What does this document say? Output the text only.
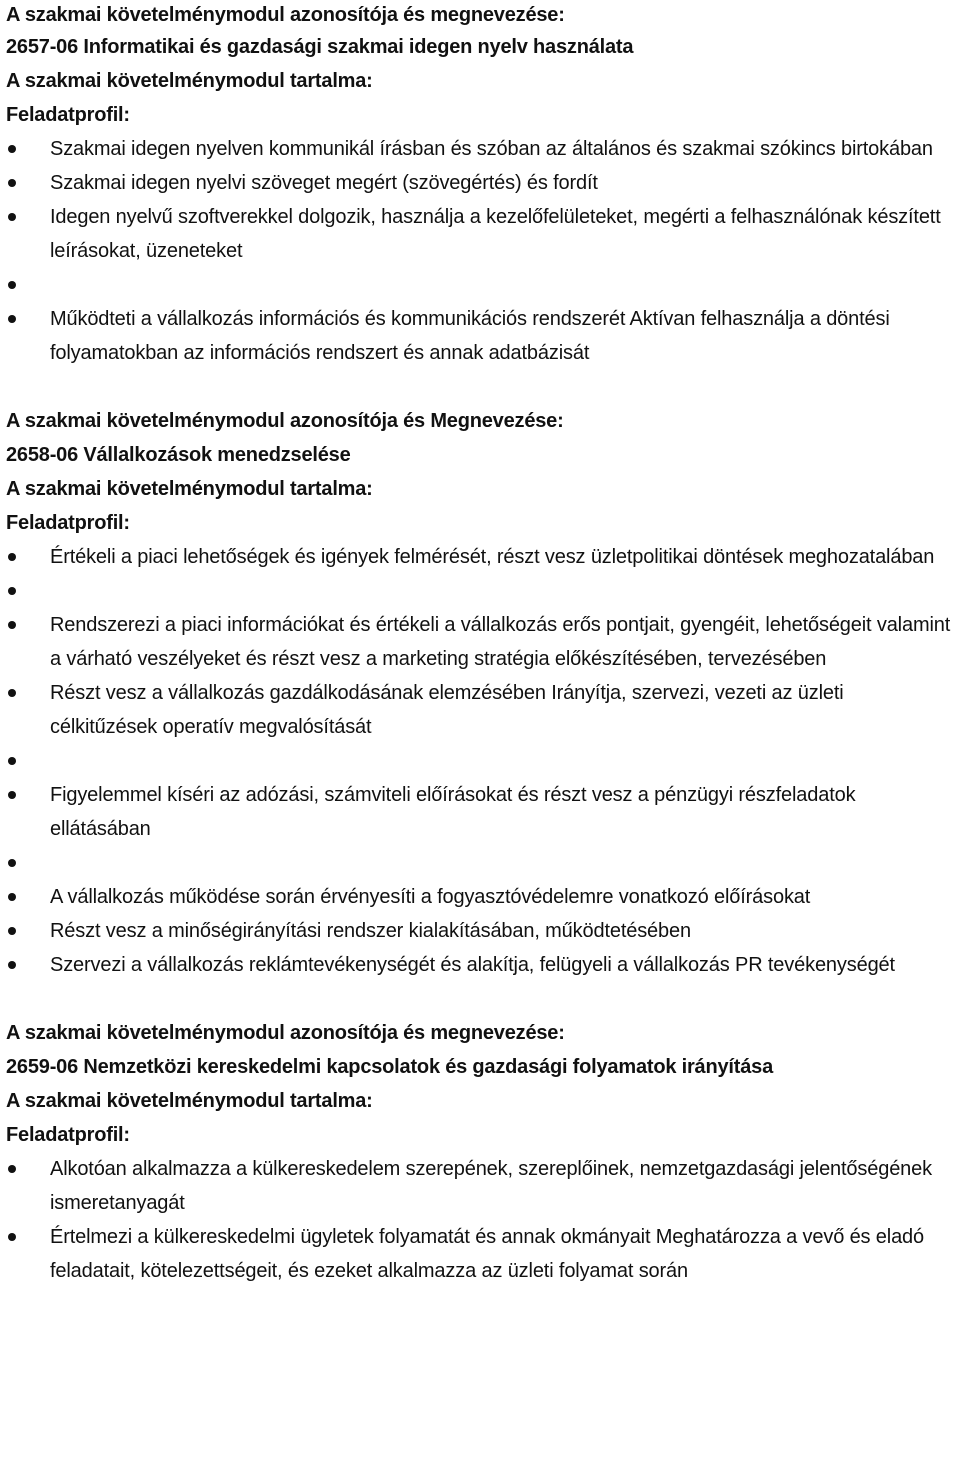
A szakmai követelménymodul azonosítója és megnevezése:

2657-06 Informatikai és gazdasági szakmai idegen nyelv használata

A szakmai követelménymodul tartalma:

Feladatprofil:

Szakmai idegen nyelven kommunikál írásban és szóban az általános és szakmai szókincs birtokában
Szakmai idegen nyelvi szöveget megért (szövegértés) és fordít
Idegen nyelvű szoftverekkel dolgozik, használja a kezelőfelületeket, megérti a felhasználónak készített leírásokat, üzeneteket
Működteti a vállalkozás információs és kommunikációs rendszerét Aktívan felhasználja a döntési folyamatokban az információs rendszert és annak adatbázisát

A szakmai követelménymodul azonosítója és Megnevezése:

2658-06 Vállalkozások menedzselése

A szakmai követelménymodul tartalma:

Feladatprofil:

Értékeli a piaci lehetőségek és igények felmérését, részt vesz üzletpolitikai döntések meghozatalában
Rendszerezi a piaci információkat és értékeli a vállalkozás erős pontjait, gyengéit, lehetőségeit valamint a várható veszélyeket és részt vesz a marketing stratégia előkészítésében, tervezésében
Részt vesz a vállalkozás gazdálkodásának elemzésében Irányítja, szervezi, vezeti az üzleti célkitűzések operatív megvalósítását
Figyelemmel kíséri az adózási, számviteli előírásokat és részt vesz a pénzügyi részfeladatok ellátásában
A vállalkozás működése során érvényesíti a fogyasztóvédelemre vonatkozó előírásokat
Részt vesz a minőségirányítási rendszer kialakításában, működtetésében
Szervezi a vállalkozás reklámtevékenységét és alakítja, felügyeli a vállalkozás PR tevékenységét

A szakmai követelménymodul azonosítója és megnevezése:

2659-06 Nemzetközi kereskedelmi kapcsolatok és gazdasági folyamatok irányítása

A szakmai követelménymodul tartalma:

Feladatprofil:

Alkotóan alkalmazza a külkereskedelem szerepének, szereplőinek, nemzetgazdasági jelentőségének ismeretanyagát
Értelmezi a külkereskedelmi ügyletek folyamatát és annak okmányait Meghatározza a vevő és eladó feladatait, kötelezettségeit, és ezeket alkalmazza az üzleti folyamat során
